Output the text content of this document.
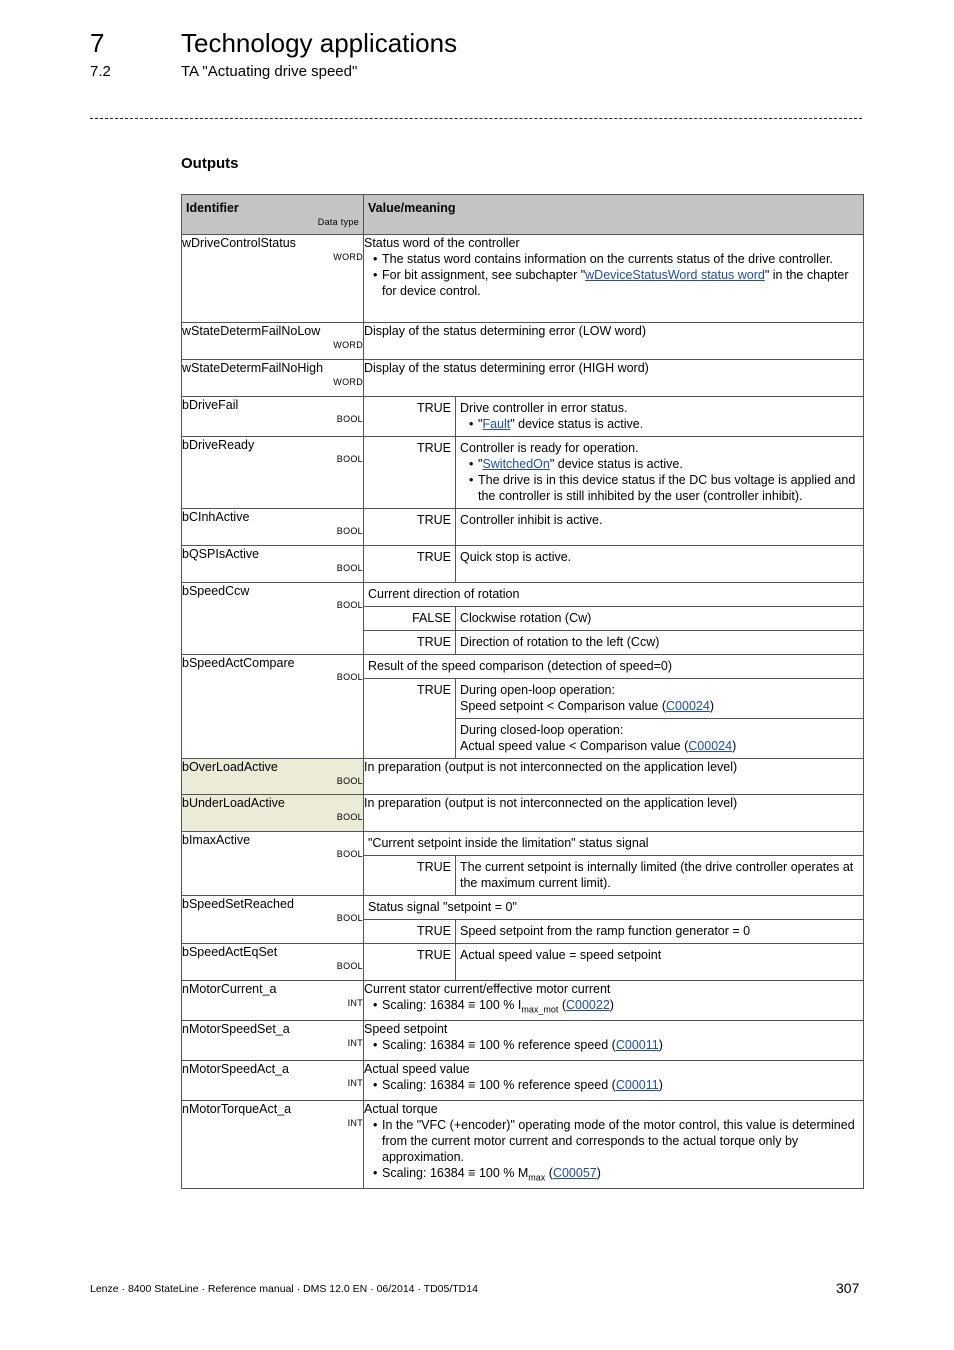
7	Technology applications
7.2	TA "Actuating drive speed"
Outputs
Identifier
Data type
	Value/meaning

wDriveControlStatus
WORD

Status word of the controller
• The status word contains information on the currents status of the drive controller.
• For bit assignment, see subchapter "wDeviceStatusWord status word" in the chapter for device control.

wStateDetermFailNoLow
WORD

Display of the status determining error (LOW word)

wStateDetermFailNoHigh
WORD

Display of the status determining error (HIGH word)

bDriveFail
BOOL

TRUE	Drive controller in error status.
• "Fault" device status is active.

bDriveReady
BOOL

TRUE	Controller is ready for operation.
• "SwitchedOn" device status is active.
• The drive is in this device status if the DC bus voltage is applied and the controller is still inhibited by the user (controller inhibit).

bCInhActive
BOOL

TRUE	Controller inhibit is active.

bQSPIsActive
BOOL

TRUE	Quick stop is active.

bSpeedCcw
BOOL

Current direction of rotation
FALSE	Clockwise rotation (Cw)
TRUE	Direction of rotation to the left (Ccw)

bSpeedActCompare
BOOL

Result of the speed comparison (detection of speed=0)
TRUE	During open-loop operation:
Speed setpoint < Comparison value (C00024)

During closed-loop operation:
Actual speed value < Comparison value (C00024)

bOverLoadActive
BOOL

In preparation (output is not interconnected on the application level)

bUnderLoadActive
BOOL

In preparation (output is not interconnected on the application level)

bImaxActive
BOOL

"Current setpoint inside the limitation" status signal
TRUE	The current setpoint is internally limited (the drive controller operates at the maximum current limit).

bSpeedSetReached
BOOL

Status signal "setpoint = 0"
TRUE	Speed setpoint from the ramp function generator = 0

bSpeedActEqSet
BOOL

TRUE	Actual speed value = speed setpoint

nMotorCurrent_a
INT

Current stator current/effective motor current
• Scaling: 16384 ≡ 100 % $I_{max\_mot}$ (C00022)

nMotorSpeedSet_a
INT

Speed setpoint
• Scaling: 16384 ≡ 100 % reference speed (C00011)

nMotorSpeedAct_a
INT

Actual speed value
• Scaling: 16384 ≡ 100 % reference speed (C00011)

nMotorTorqueAct_a
INT

Actual torque
• In the "VFC (+encoder)" operating mode of the motor control, this value is determined from the current motor current and corresponds to the actual torque only by approximation.
• Scaling: 16384 ≡ 100 % $M_{max}$ (C00057)
Lenze · 8400 StateLine · Reference manual · DMS 12.0 EN · 06/2014 · TD05/TD14	307
